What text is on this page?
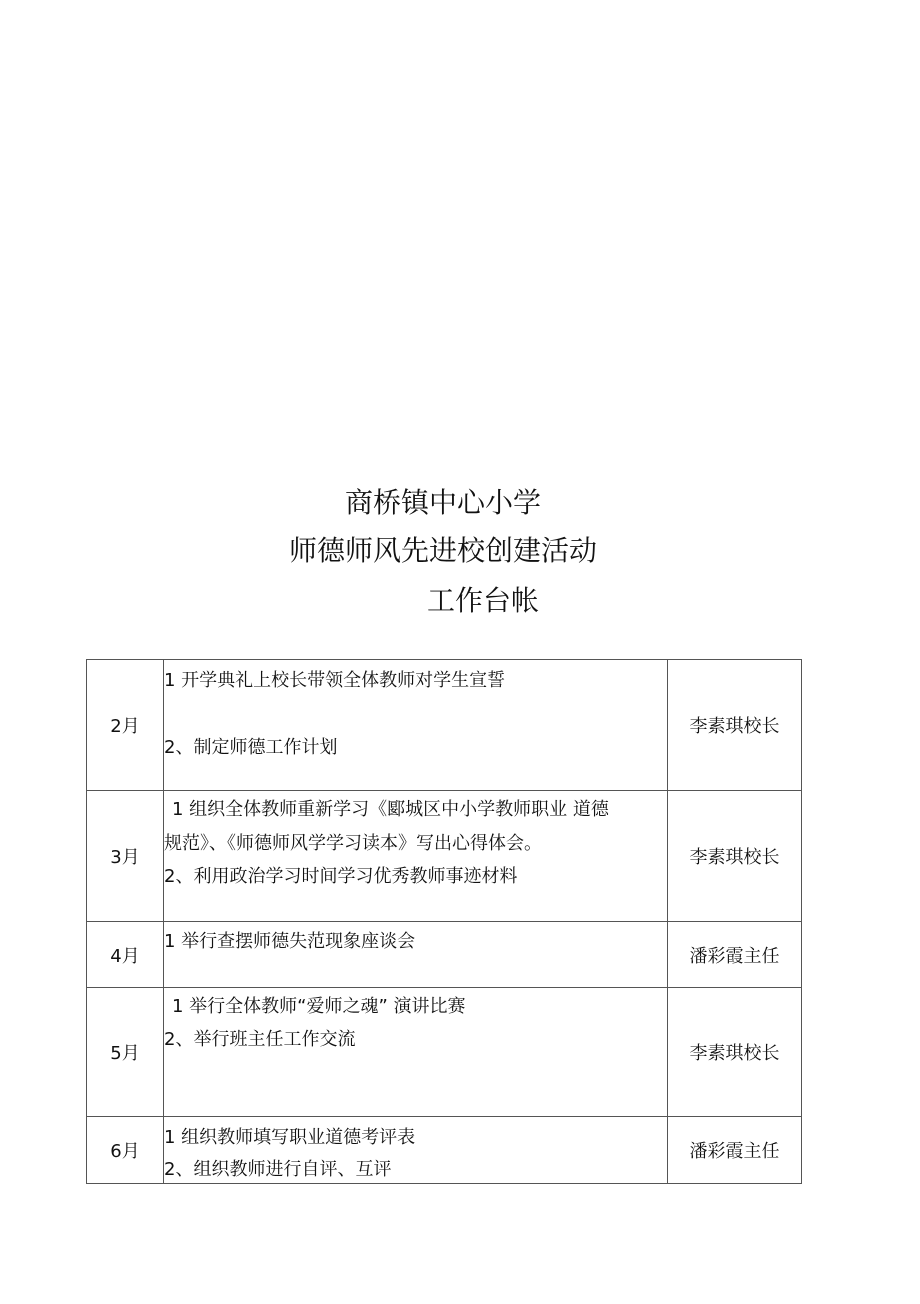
商桥镇中心小学
师德师风先进校创建活动
工作台帐
2月	1 开学典礼上校长带领全体教师对学生宣誓
2、制定师德工作计划	李素琪校长
3月	1 组织全体教师重新学习《郾城区中小学教师职业 道德
规范》、《师德师风学学习读本》写出心得体会。
2、利用政治学习时间学习优秀教师事迹材料	李素琪校长
4月	1 举行查摆师德失范现象座谈会	潘彩霞主任
5月	1 举行全体教师“爱师之魂” 演讲比赛
2、举行班主任工作交流	李素琪校长
6月	1 组织教师填写职业道德考评表
2、组织教师进行自评、互评	潘彩霞主任
